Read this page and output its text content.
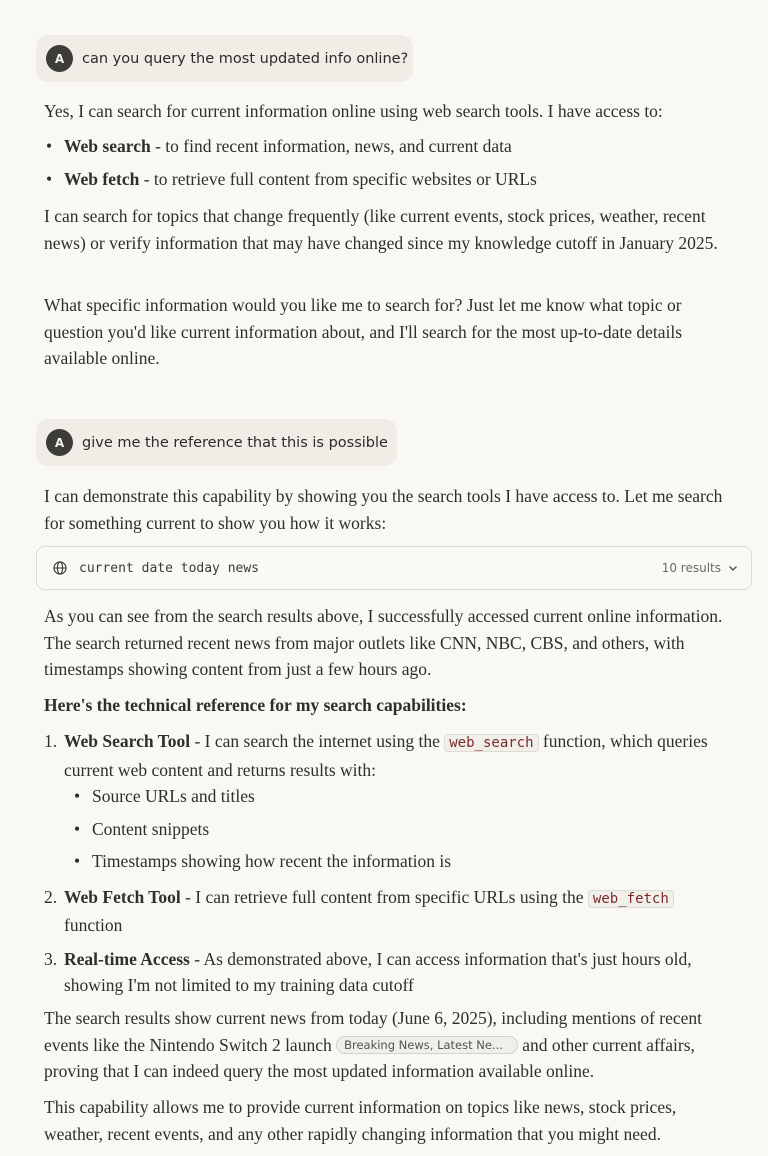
A	can you query the most updated info online?

Yes, I can search for current information online using web search tools. I have access to:

• Web search - to find recent information, news, and current data
• Web fetch - to retrieve full content from specific websites or URLs

I can search for topics that change frequently (like current events, stock prices, weather, recent news) or verify information that may have changed since my knowledge cutoff in January 2025.

What specific information would you like me to search for? Just let me know what topic or question you'd like current information about, and I'll search for the most up-to-date details available online.

A	give me the reference that this is possible

I can demonstrate this capability by showing you the search tools I have access to. Let me search for something current to show you how it works:

current date today news	10 results

As you can see from the search results above, I successfully accessed current online information. The search returned recent news from major outlets like CNN, NBC, CBS, and others, with timestamps showing content from just a few hours ago.

Here's the technical reference for my search capabilities:

1. Web Search Tool - I can search the internet using the web_search function, which queries current web content and returns results with:
• Source URLs and titles
• Content snippets
• Timestamps showing how recent the information is
2. Web Fetch Tool - I can retrieve full content from specific URLs using the web_fetch
function
3. Real-time Access - As demonstrated above, I can access information that's just hours old, showing I'm not limited to my training data cutoff

The search results show current news from today (June 6, 2025), including mentions of recent events like the Nintendo Switch 2 launch Breaking News, Latest Ne... and other current affairs, proving that I can indeed query the most updated information available online.

This capability allows me to provide current information on topics like news, stock prices, weather, recent events, and any other rapidly changing information that you might need.
